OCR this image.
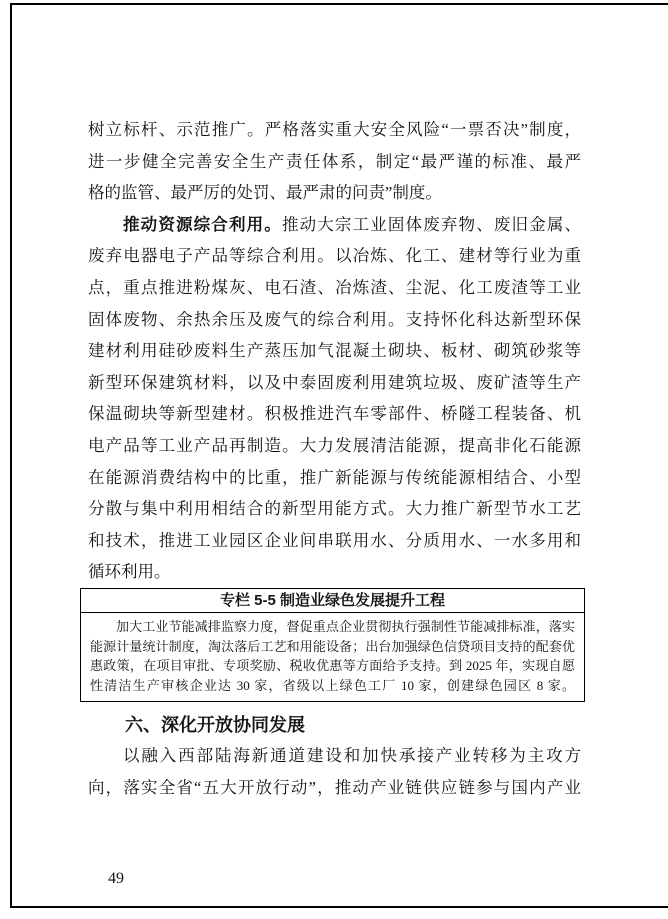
树立标杆、示范推广。严格落实重大安全风险“一票否决”制度，
进一步健全完善安全生产责任体系，制定“最严谨的标准、最严
格的监管、最严厉的处罚、最严肃的问责”制度。
推动资源综合利用。推动大宗工业固体废弃物、废旧金属、
废弃电器电子产品等综合利用。以冶炼、化工、建材等行业为重
点，重点推进粉煤灰、电石渣、冶炼渣、尘泥、化工废渣等工业
固体废物、余热余压及废气的综合利用。支持怀化科达新型环保
建材利用硅砂废料生产蒸压加气混凝土砌块、板材、砌筑砂浆等
新型环保建筑材料，以及中泰固废利用建筑垃圾、废矿渣等生产
保温砌块等新型建材。积极推进汽车零部件、桥隧工程装备、机
电产品等工业产品再制造。大力发展清洁能源，提高非化石能源
在能源消费结构中的比重，推广新能源与传统能源相结合、小型
分散与集中利用相结合的新型用能方式。大力推广新型节水工艺
和技术，推进工业园区企业间串联用水、分质用水、一水多用和
循环利用。
专栏 5-5 制造业绿色发展提升工程
加大工业节能减排监察力度，督促重点企业贯彻执行强制性节能减排标准，落实
能源计量统计制度，淘汰落后工艺和用能设备；出台加强绿色信贷项目支持的配套优
惠政策，在项目审批、专项奖励、税收优惠等方面给予支持。到 2025 年，实现自愿
性清洁生产审核企业达 30 家，省级以上绿色工厂 10 家，创建绿色园区 8 家。
六、深化开放协同发展
以融入西部陆海新通道建设和加快承接产业转移为主攻方
向，落实全省“五大开放行动”，推动产业链供应链参与国内产业
49
